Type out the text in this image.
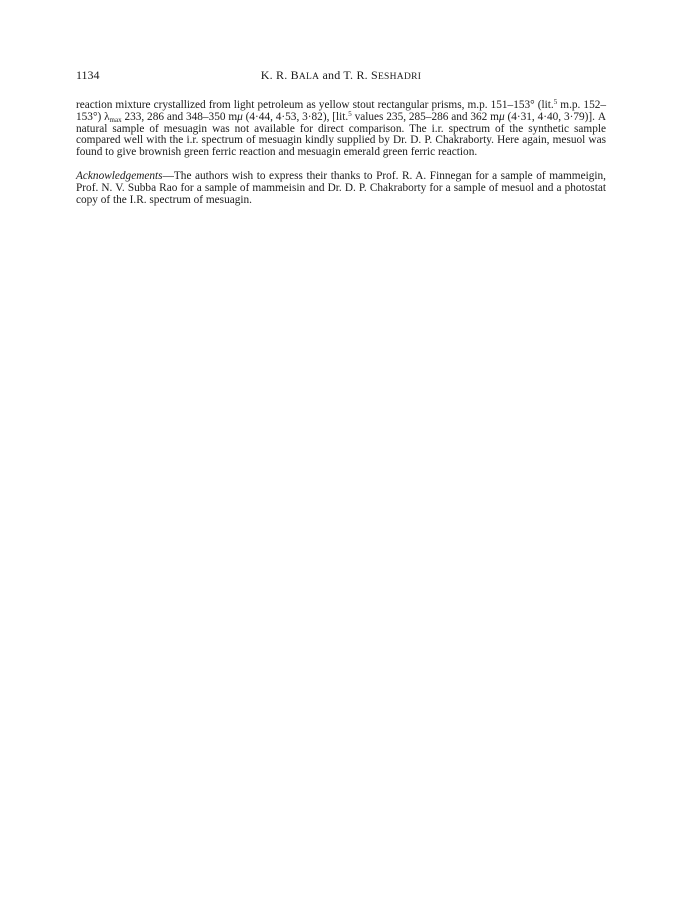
1134	K. R. BALA and T. R. SESHADRI

reaction mixture crystallized from light petroleum as yellow stout rectangular prisms, m.p. 151–153° (lit.$^5$ m.p. 152–153°) $\lambda_{max}$ 233, 286 and 348–350 mμ (4·44, 4·53, 3·82), [lit.$^5$ values 235, 285–286 and 362 mμ (4·31, 4·40, 3·79)]. A natural sample of mesuagin was not available for direct comparison. The i.r. spectrum of the synthetic sample compared well with the i.r. spectrum of mesuagin kindly supplied by Dr. D. P. Chakraborty. Here again, mesuol was found to give brownish green ferric reaction and mesuagin emerald green ferric reaction.

Acknowledgements—The authors wish to express their thanks to Prof. R. A. Finnegan for a sample of mammeigin, Prof. N. V. Subba Rao for a sample of mammeisin and Dr. D. P. Chakraborty for a sample of mesuol and a photostat copy of the I.R. spectrum of mesuagin.
